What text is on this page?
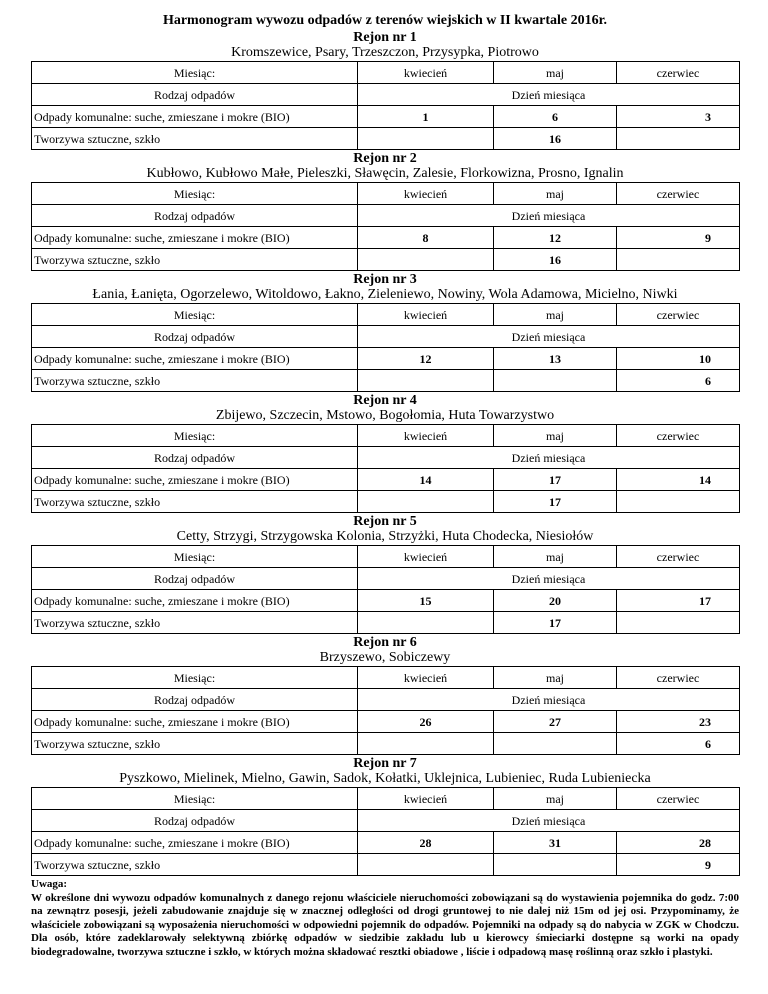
Harmonogram wywozu odpadów z terenów wiejskich w II kwartale 2016r.
Rejon nr 1
Kromszewice, Psary, Trzeszczon, Przysypka, Piotrowo
Miesiąc:	kwiecień	maj	czerwiec
Rodzaj odpadów	Dzień miesiąca		
Odpady komunalne: suche, zmieszane i mokre (BIO)	1	6	3
Tworzywa sztuczne, szkło		16	
Rejon nr 2
Kubłowo, Kubłowo Małe, Pieleszki, Sławęcin, Zalesie, Florkowizna, Prosno, Ignalin
Miesiąc:	kwiecień	maj	czerwiec
Rodzaj odpadów	Dzień miesiąca		
Odpady komunalne: suche, zmieszane i mokre (BIO)	8	12	9
Tworzywa sztuczne, szkło		16	
Rejon nr 3
Łania, Łanięta, Ogorzelewo, Witoldowo, Łakno, Zieleniewo, Nowiny, Wola Adamowa, Micielno, Niwki
Miesiąc:	kwiecień	maj	czerwiec
Rodzaj odpadów	Dzień miesiąca		
Odpady komunalne: suche, zmieszane i mokre (BIO)	12	13	10
Tworzywa sztuczne, szkło			6
Rejon nr 4
Zbijewo, Szczecin, Mstowo, Bogołomia, Huta Towarzystwo
Miesiąc:	kwiecień	maj	czerwiec
Rodzaj odpadów	Dzień miesiąca		
Odpady komunalne: suche, zmieszane i mokre (BIO)	14	17	14
Tworzywa sztuczne, szkło		17	
Rejon nr 5
Cetty, Strzygi, Strzygowska Kolonia, Strzyżki, Huta Chodecka, Niesiołów
Miesiąc:	kwiecień	maj	czerwiec
Rodzaj odpadów	Dzień miesiąca		
Odpady komunalne: suche, zmieszane i mokre (BIO)	15	20	17
Tworzywa sztuczne, szkło		17	
Rejon nr 6
Brzyszewo, Sobiczewy
Miesiąc:	kwiecień	maj	czerwiec
Rodzaj odpadów	Dzień miesiąca		
Odpady komunalne: suche, zmieszane i mokre (BIO)	26	27	23
Tworzywa sztuczne, szkło			6
Rejon nr 7
Pyszkowo, Mielinek, Mielno, Gawin, Sadok, Kołatki, Uklejnica, Lubieniec, Ruda Lubieniecka
Miesiąc:	kwiecień	maj	czerwiec
Rodzaj odpadów	Dzień miesiąca		
Odpady komunalne: suche, zmieszane i mokre (BIO)	28	31	28
Tworzywa sztuczne, szkło			9
Uwaga:
W określone dni wywozu odpadów komunalnych z danego rejonu właściciele nieruchomości zobowiązani są do wystawienia pojemnika do godz. 7:00 na zewnątrz posesji, jeżeli zabudowanie znajduje się w znacznej odległości od drogi gruntowej to nie dalej niż 15m od jej osi. Przypominamy, że właściciele zobowiązani są wyposażenia nieruchomości w odpowiedni pojemnik do odpadów. Pojemniki na odpady są do nabycia w ZGK w Chodczu. Dla osób, które zadeklarowały selektywną zbiórkę odpadów w siedzibie zakładu lub u kierowcy śmieciarki dostępne są worki na opady biodegradowalne, tworzywa sztuczne i szkło, w których można składować resztki obiadowe , liście i odpadową masę roślinną oraz szkło i plastyki.
